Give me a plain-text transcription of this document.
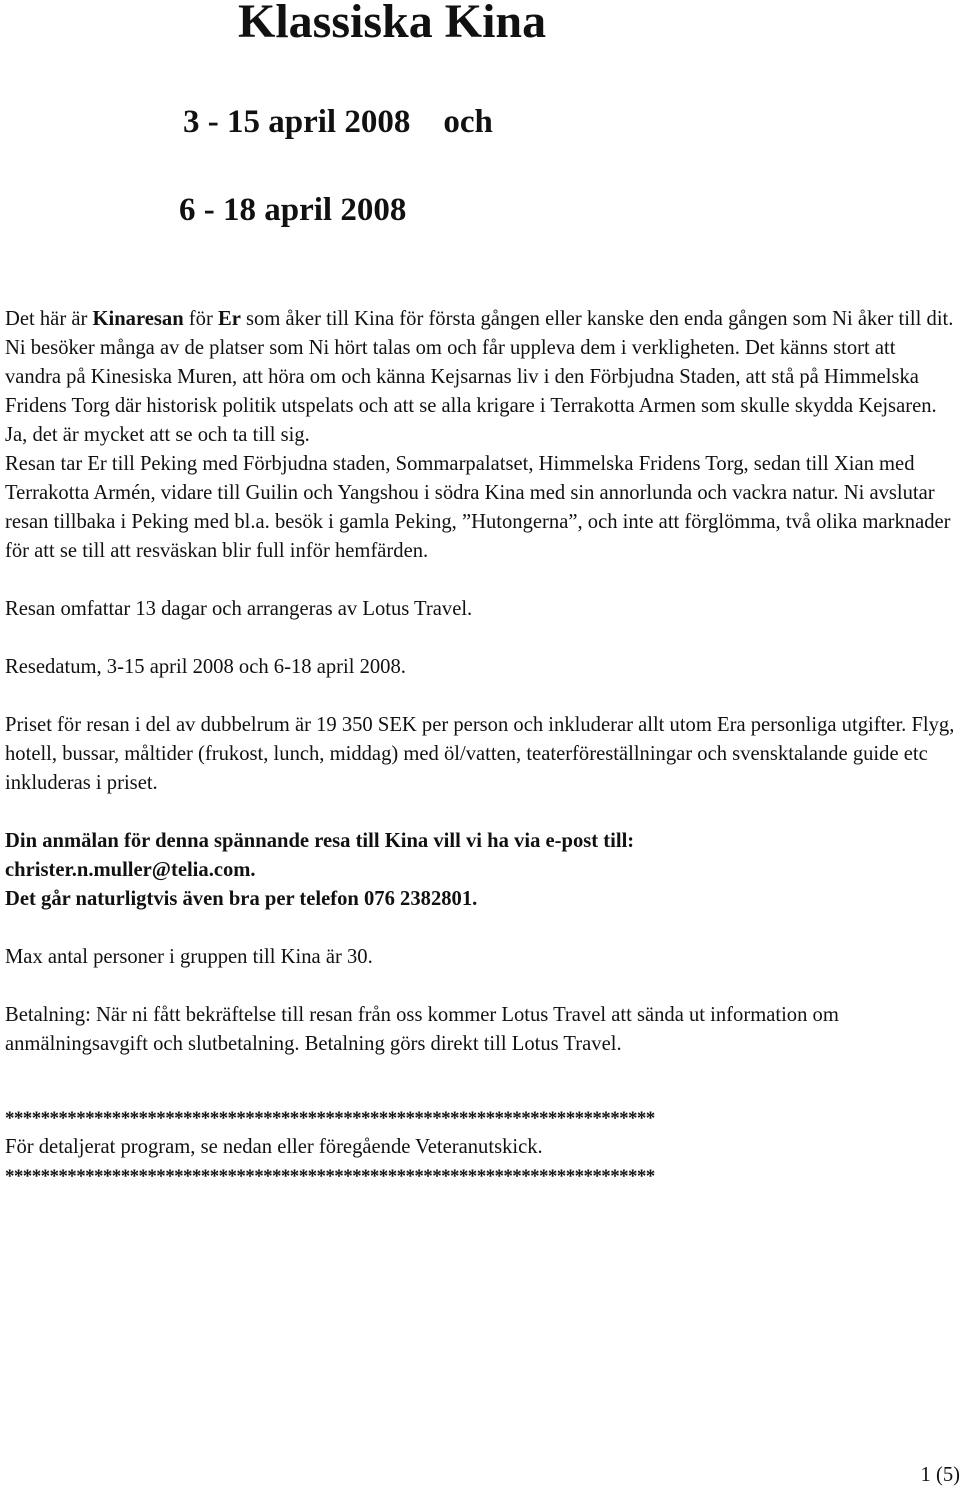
Klassiska Kina
3 - 15 april 2008    och
6 - 18 april 2008

Det här är Kinaresan för Er som åker till Kina för första gången eller kanske den enda gången som Ni åker till dit. Ni besöker många av de platser som Ni hört talas om och får uppleva dem i verkligheten. Det känns stort att vandra på Kinesiska Muren, att höra om och känna Kejsarnas liv i den Förbjudna Staden, att stå på Himmelska Fridens Torg där historisk politik utspelats och att se alla krigare i Terrakotta Armen som skulle skydda Kejsaren. Ja, det är mycket att se och ta till sig.

Resan tar Er till Peking med Förbjudna staden, Sommarpalatset, Himmelska Fridens Torg, sedan till Xian med Terrakotta Armén, vidare till Guilin och Yangshou i södra Kina med sin annorlunda och vackra natur. Ni avslutar resan tillbaka i Peking med bl.a. besök i gamla Peking, ”Hutongerna”, och inte att förglömma, två olika marknader för att se till att resväskan blir full inför hemfärden.

Resan omfattar 13 dagar och arrangeras av Lotus Travel.

Resedatum, 3-15 april 2008 och 6-18 april 2008.

Priset för resan i del av dubbelrum är 19 350 SEK per person och inkluderar allt utom Era personliga utgifter. Flyg, hotell, bussar, måltider (frukost, lunch, middag) med öl/vatten, teaterföreställningar och svensktalande guide etc inkluderas i priset.

Din anmälan för denna spännande resa till Kina vill vi ha via e-post till:
christer.n.muller@telia.com.
Det går naturligtvis även bra per telefon 076 2382801.

Max antal personer i gruppen till Kina är 30.

Betalning: När ni fått bekräftelse till resan från oss kommer Lotus Travel att sända ut information om anmälningsavgift och slutbetalning. Betalning görs direkt till Lotus Travel.

*************************************************************************

För detaljerat program, se nedan eller föregående Veteranutskick.

*************************************************************************

1 (5)
